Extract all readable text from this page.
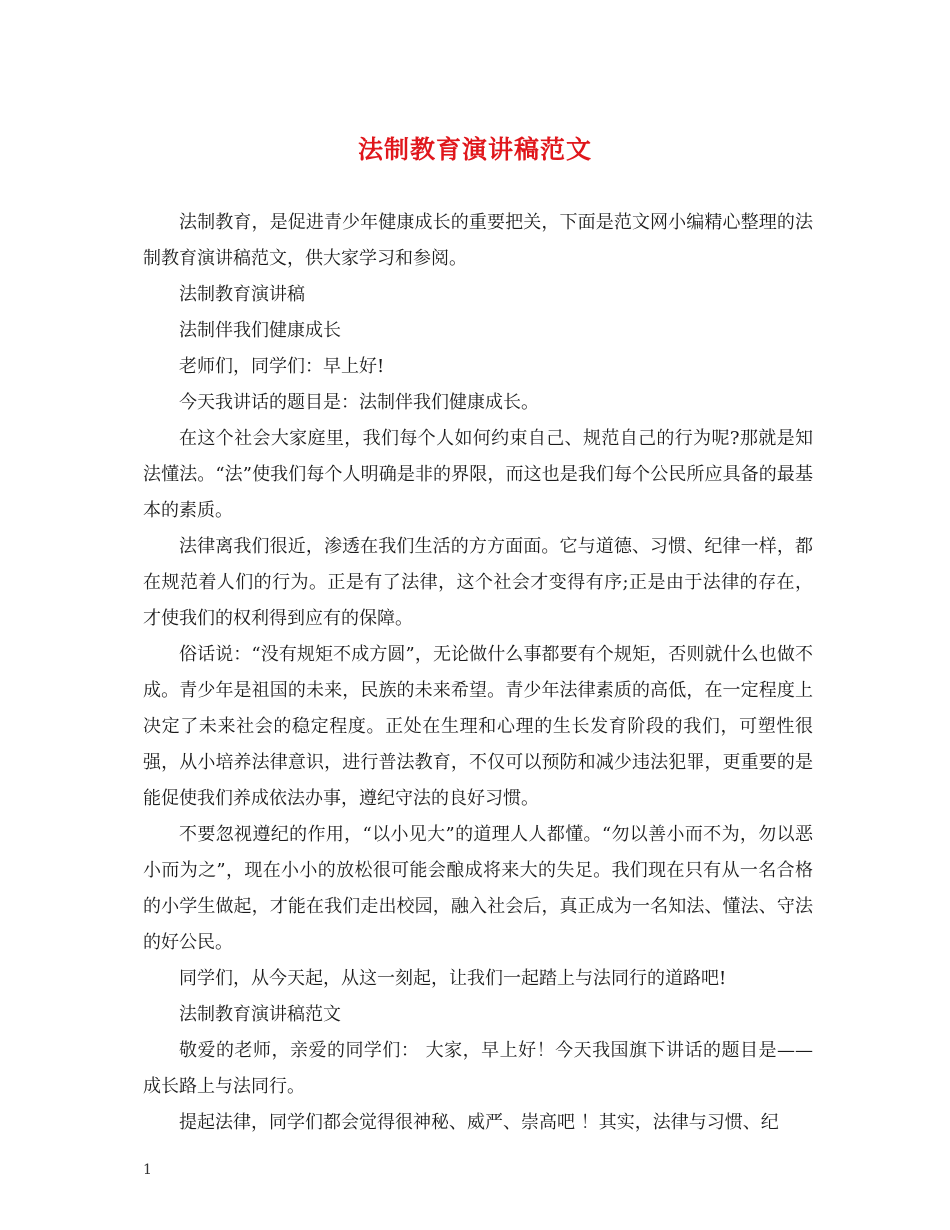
法制教育演讲稿范文

法制教育，是促进青少年健康成长的重要把关，下面是范文网小编精心整理的法制教育演讲稿范文，供大家学习和参阅。

法制教育演讲稿

法制伴我们健康成长

老师们，同学们：早上好!

今天我讲话的题目是：法制伴我们健康成长。

在这个社会大家庭里，我们每个人如何约束自己、规范自己的行为呢?那就是知法懂法。“法”使我们每个人明确是非的界限，而这也是我们每个公民所应具备的最基本的素质。

法律离我们很近，渗透在我们生活的方方面面。它与道德、习惯、纪律一样，都在规范着人们的行为。正是有了法律，这个社会才变得有序;正是由于法律的存在，才使我们的权利得到应有的保障。

俗话说：“没有规矩不成方圆”，无论做什么事都要有个规矩，否则就什么也做不成。青少年是祖国的未来，民族的未来希望。青少年法律素质的高低，在一定程度上决定了未来社会的稳定程度。正处在生理和心理的生长发育阶段的我们，可塑性很强，从小培养法律意识，进行普法教育，不仅可以预防和减少违法犯罪，更重要的是能促使我们养成依法办事，遵纪守法的良好习惯。

不要忽视遵纪的作用，“以小见大”的道理人人都懂。“勿以善小而不为，勿以恶小而为之”，现在小小的放松很可能会酿成将来大的失足。我们现在只有从一名合格的小学生做起，才能在我们走出校园，融入社会后，真正成为一名知法、懂法、守法的好公民。

同学们，从今天起，从这一刻起，让我们一起踏上与法同行的道路吧!

法制教育演讲稿范文

敬爱的老师，亲爱的同学们： 大家，早上好！今天我国旗下讲话的题目是——成长路上与法同行。

提起法律，同学们都会觉得很神秘、威严、崇高吧 ！其实，法律与习惯、纪

1
